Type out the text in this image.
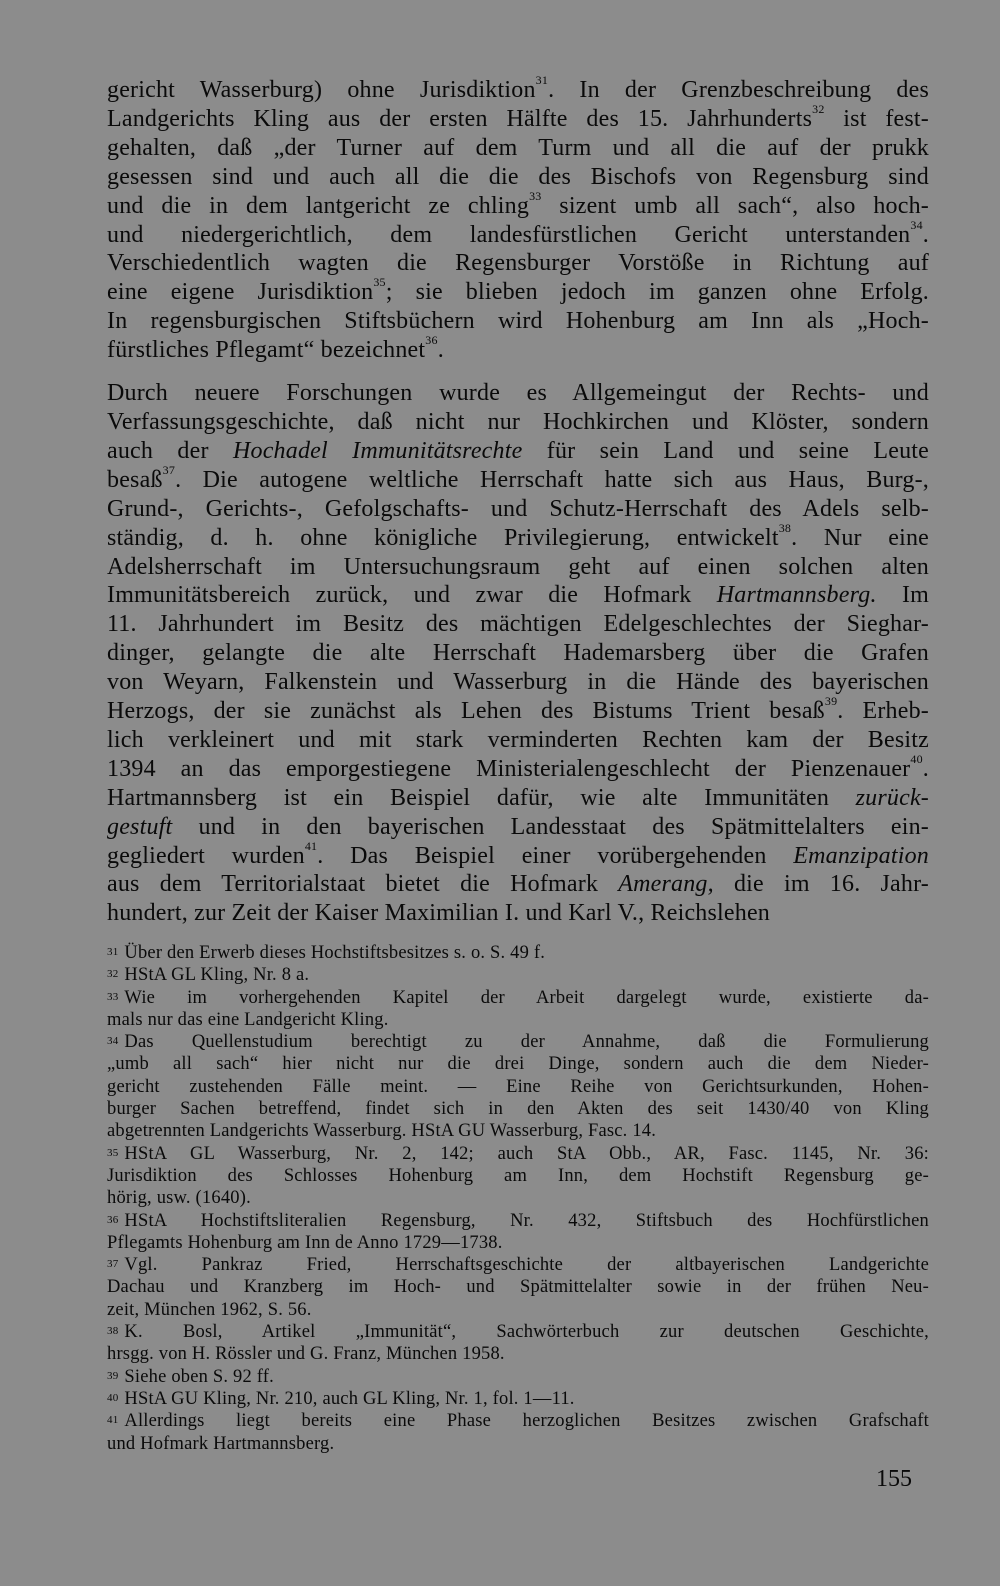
gericht Wasserburg) ohne Jurisdiktion$^{31}$. In der Grenzbeschreibung des
Landgerichts Kling aus der ersten Hälfte des 15. Jahrhunderts$^{32}$ ist fest-
gehalten, daß „der Turner auf dem Turm und all die auf der prukk
gesessen sind und auch all die die des Bischofs von Regensburg sind
und die in dem lantgericht ze chling$^{33}$ sizent umb all sach“, also hoch-
und niedergerichtlich, dem landesfürstlichen Gericht unterstanden$^{34}$.
Verschiedentlich wagten die Regensburger Vorstöße in Richtung auf
eine eigene Jurisdiktion$^{35}$; sie blieben jedoch im ganzen ohne Erfolg.
In regensburgischen Stiftsbüchern wird Hohenburg am Inn als „Hoch-
fürstliches Pflegamt“ bezeichnet$^{36}$.

Durch neuere Forschungen wurde es Allgemeingut der Rechts- und
Verfassungsgeschichte, daß nicht nur Hochkirchen und Klöster, sondern
auch der Hochadel Immunitätsrechte für sein Land und seine Leute
besaß$^{37}$. Die autogene weltliche Herrschaft hatte sich aus Haus, Burg-,
Grund-, Gerichts-, Gefolgschafts- und Schutz-Herrschaft des Adels selb-
ständig, d. h. ohne königliche Privilegierung, entwickelt$^{38}$. Nur eine
Adelsherrschaft im Untersuchungsraum geht auf einen solchen alten
Immunitätsbereich zurück, und zwar die Hofmark Hartmannsberg. Im
11. Jahrhundert im Besitz des mächtigen Edelgeschlechtes der Sieghar-
dinger, gelangte die alte Herrschaft Hademarsberg über die Grafen
von Weyarn, Falkenstein und Wasserburg in die Hände des bayerischen
Herzogs, der sie zunächst als Lehen des Bistums Trient besaß$^{39}$. Erheb-
lich verkleinert und mit stark verminderten Rechten kam der Besitz
1394 an das emporgestiegene Ministerialengeschlecht der Pienzenauer$^{40}$.
Hartmannsberg ist ein Beispiel dafür, wie alte Immunitäten zurück-
gestuft und in den bayerischen Landesstaat des Spätmittelalters ein-
gegliedert wurden$^{41}$. Das Beispiel einer vorübergehenden Emanzipation
aus dem Territorialstaat bietet die Hofmark Amerang, die im 16. Jahr-
hundert, zur Zeit der Kaiser Maximilian I. und Karl V., Reichslehen

$^{31}$ Über den Erwerb dieses Hochstiftsbesitzes s. o. S. 49 f.

$^{32}$ HStA GL Kling, Nr. 8 a.

$^{33}$ Wie im vorhergehenden Kapitel der Arbeit dargelegt wurde, existierte da-
mals nur das eine Landgericht Kling.

$^{34}$ Das Quellenstudium berechtigt zu der Annahme, daß die Formulierung
„umb all sach“ hier nicht nur die drei Dinge, sondern auch die dem Nieder-
gericht zustehenden Fälle meint. — Eine Reihe von Gerichtsurkunden, Hohen-
burger Sachen betreffend, findet sich in den Akten des seit 1430/40 von Kling
abgetrennten Landgerichts Wasserburg. HStA GU Wasserburg, Fasc. 14.

$^{35}$ HStA GL Wasserburg, Nr. 2, 142; auch StA Obb., AR, Fasc. 1145, Nr. 36:
Jurisdiktion des Schlosses Hohenburg am Inn, dem Hochstift Regensburg ge-
hörig, usw. (1640).

$^{36}$ HStA Hochstiftsliteralien Regensburg, Nr. 432, Stiftsbuch des Hochfürstlichen
Pflegamts Hohenburg am Inn de Anno 1729—1738.

$^{37}$ Vgl. Pankraz Fried, Herrschaftsgeschichte der altbayerischen Landgerichte
Dachau und Kranzberg im Hoch- und Spätmittelalter sowie in der frühen Neu-
zeit, München 1962, S. 56.

$^{38}$ K. Bosl, Artikel „Immunität“, Sachwörterbuch zur deutschen Geschichte,
hrsgg. von H. Rössler und G. Franz, München 1958.

$^{39}$ Siehe oben S. 92 ff.

$^{40}$ HStA GU Kling, Nr. 210, auch GL Kling, Nr. 1, fol. 1—11.

$^{41}$ Allerdings liegt bereits eine Phase herzoglichen Besitzes zwischen Grafschaft
und Hofmark Hartmannsberg.

155
